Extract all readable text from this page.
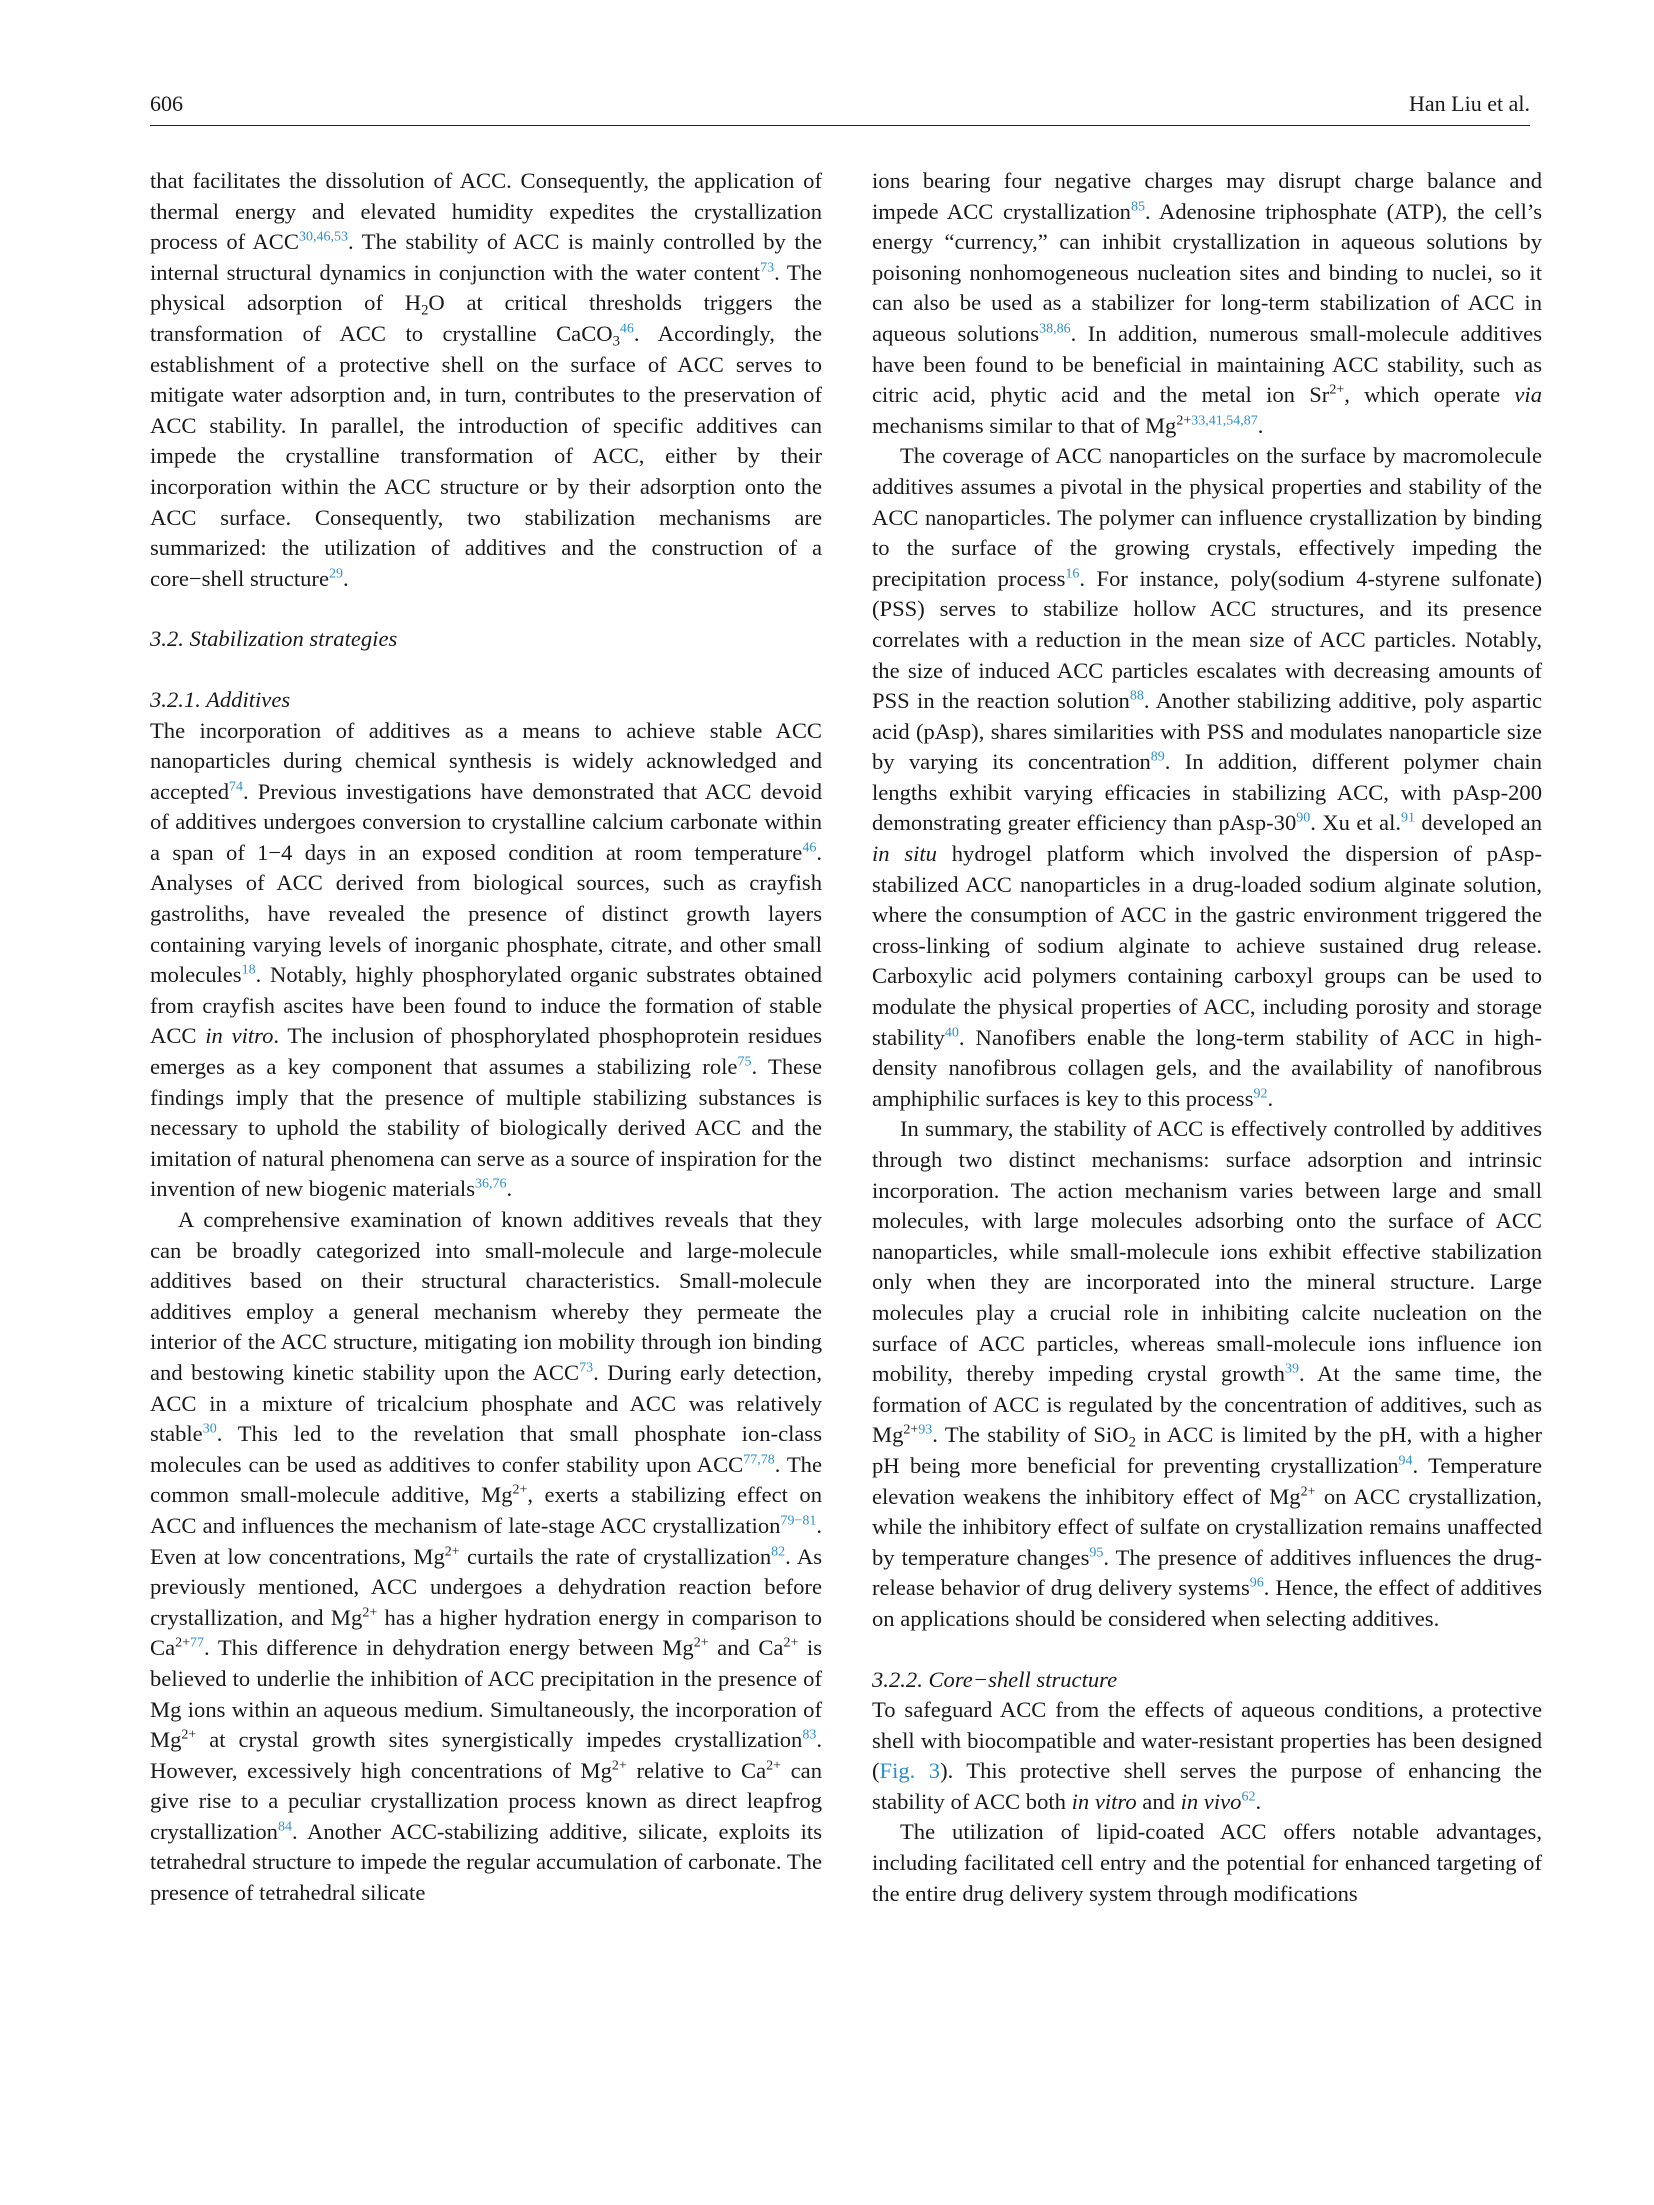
606	Han Liu et al.

that facilitates the dissolution of ACC. Consequently, the application of thermal energy and elevated humidity expedites the crystallization process of ACC$^{30,46,53}$. The stability of ACC is mainly controlled by the internal structural dynamics in conjunction with the water content$^{73}$. The physical adsorption of H2O at critical thresholds triggers the transformation of ACC to crystalline CaCO3$^{46}$. Accordingly, the establishment of a protective shell on the surface of ACC serves to mitigate water adsorption and, in turn, contributes to the preservation of ACC stability. In parallel, the introduction of specific additives can impede the crystalline transformation of ACC, either by their incorporation within the ACC structure or by their adsorption onto the ACC surface. Consequently, two stabilization mechanisms are summarized: the utilization of additives and the construction of a core−shell structure$^{29}$.

3.2. Stabilization strategies

3.2.1. Additives

The incorporation of additives as a means to achieve stable ACC nanoparticles during chemical synthesis is widely acknowledged and accepted$^{74}$. Previous investigations have demonstrated that ACC devoid of additives undergoes conversion to crystalline calcium carbonate within a span of 1−4 days in an exposed condition at room temperature$^{46}$. Analyses of ACC derived from biological sources, such as crayfish gastroliths, have revealed the presence of distinct growth layers containing varying levels of inorganic phosphate, citrate, and other small molecules$^{18}$. Notably, highly phosphorylated organic substrates obtained from crayfish ascites have been found to induce the formation of stable ACC in vitro. The inclusion of phosphorylated phosphoprotein residues emerges as a key component that assumes a stabilizing role$^{75}$. These findings imply that the presence of multiple stabilizing substances is necessary to uphold the stability of biologically derived ACC and the imitation of natural phenomena can serve as a source of inspiration for the invention of new biogenic materials$^{36,76}$.

A comprehensive examination of known additives reveals that they can be broadly categorized into small-molecule and large-molecule additives based on their structural characteristics. Small-molecule additives employ a general mechanism whereby they permeate the interior of the ACC structure, mitigating ion mobility through ion binding and bestowing kinetic stability upon the ACC$^{73}$. During early detection, ACC in a mixture of tricalcium phosphate and ACC was relatively stable$^{30}$. This led to the revelation that small phosphate ion-class molecules can be used as additives to confer stability upon ACC$^{77,78}$. The common small-molecule additive, $Mg^{2+}$, exerts a stabilizing effect on ACC and influences the mechanism of late-stage ACC crystallization$^{79-81}$. Even at low concentrations, $Mg^{2+}$ curtails the rate of crystallization$^{82}$. As previously mentioned, ACC undergoes a dehydration reaction before crystallization, and $Mg^{2+}$ has a higher hydration energy in comparison to Ca$^{2+77}$. This difference in dehydration energy between $Mg^{2+}$ and $Ca^{2+}$ is believed to underlie the inhibition of ACC precipitation in the presence of Mg ions within an aqueous medium. Simultaneously, the incorporation of $Mg^{2+}$ at crystal growth sites synergistically impedes crystallization$^{83}$. However, excessively high concentrations of $Mg^{2+}$ relative to $Ca^{2+}$ can give rise to a peculiar crystallization process known as direct leapfrog crystallization$^{84}$. Another ACC-stabilizing additive, silicate, exploits its tetrahedral structure to impede the regular accumulation of carbonate. The presence of tetrahedral silicate

ions bearing four negative charges may disrupt charge balance and impede ACC crystallization$^{85}$. Adenosine triphosphate (ATP), the cell’s energy “currency,” can inhibit crystallization in aqueous solutions by poisoning nonhomogeneous nucleation sites and binding to nuclei, so it can also be used as a stabilizer for long-term stabilization of ACC in aqueous solutions$^{38,86}$. In addition, numerous small-molecule additives have been found to be beneficial in maintaining ACC stability, such as citric acid, phytic acid and the metal ion $Sr^{2+}$, which operate via mechanisms similar to that of Mg$^{2+33,41,54,87}$.

The coverage of ACC nanoparticles on the surface by macromolecule additives assumes a pivotal in the physical properties and stability of the ACC nanoparticles. The polymer can influence crystallization by binding to the surface of the growing crystals, effectively impeding the precipitation process$^{16}$. For instance, poly(sodium 4-styrene sulfonate) (PSS) serves to stabilize hollow ACC structures, and its presence correlates with a reduction in the mean size of ACC particles. Notably, the size of induced ACC particles escalates with decreasing amounts of PSS in the reaction solution$^{88}$. Another stabilizing additive, poly aspartic acid (pAsp), shares similarities with PSS and modulates nanoparticle size by varying its concentration$^{89}$. In addition, different polymer chain lengths exhibit varying efficacies in stabilizing ACC, with pAsp-200 demonstrating greater efficiency than pAsp-30$^{90}$. Xu et al.$^{91}$ developed an in situ hydrogel platform which involved the dispersion of pAsp-stabilized ACC nanoparticles in a drug-loaded sodium alginate solution, where the consumption of ACC in the gastric environment triggered the cross-linking of sodium alginate to achieve sustained drug release. Carboxylic acid polymers containing carboxyl groups can be used to modulate the physical properties of ACC, including porosity and storage stability$^{40}$. Nanofibers enable the long-term stability of ACC in high-density nanofibrous collagen gels, and the availability of nanofibrous amphiphilic surfaces is key to this process$^{92}$.

In summary, the stability of ACC is effectively controlled by additives through two distinct mechanisms: surface adsorption and intrinsic incorporation. The action mechanism varies between large and small molecules, with large molecules adsorbing onto the surface of ACC nanoparticles, while small-molecule ions exhibit effective stabilization only when they are incorporated into the mineral structure. Large molecules play a crucial role in inhibiting calcite nucleation on the surface of ACC particles, whereas small-molecule ions influence ion mobility, thereby impeding crystal growth$^{39}$. At the same time, the formation of ACC is regulated by the concentration of additives, such as Mg$^{2+93}$. The stability of SiO2 in ACC is limited by the pH, with a higher pH being more beneficial for preventing crystallization$^{94}$. Temperature elevation weakens the inhibitory effect of $Mg^{2+}$ on ACC crystallization, while the inhibitory effect of sulfate on crystallization remains unaffected by temperature changes$^{95}$. The presence of additives influences the drug-release behavior of drug delivery systems$^{96}$. Hence, the effect of additives on applications should be considered when selecting additives.

3.2.2. Core−shell structure

To safeguard ACC from the effects of aqueous conditions, a protective shell with biocompatible and water-resistant properties has been designed (Fig. 3). This protective shell serves the purpose of enhancing the stability of ACC both in vitro and in vivo$^{62}$.

The utilization of lipid-coated ACC offers notable advantages, including facilitated cell entry and the potential for enhanced targeting of the entire drug delivery system through modifications
